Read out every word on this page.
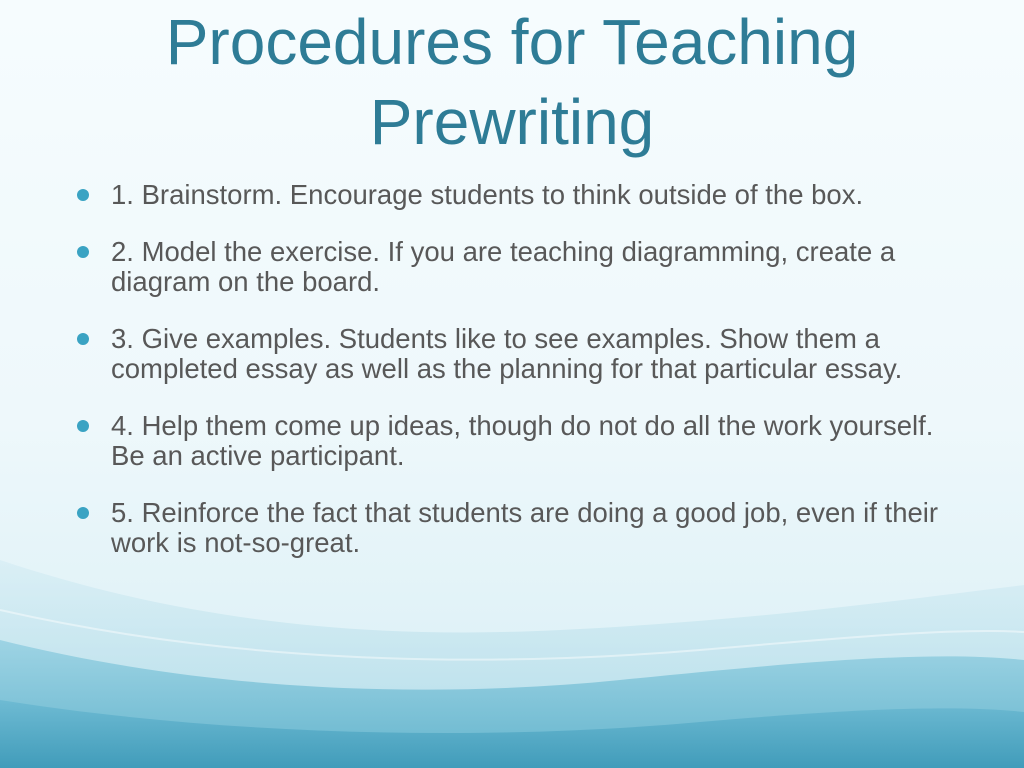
Procedures for Teaching Prewriting
1. Brainstorm. Encourage students to think outside of the box.
2. Model the exercise. If you are teaching diagramming, create a diagram on the board.
3. Give examples. Students like to see examples. Show them a completed essay as well as the planning for that particular essay.
4. Help them come up ideas, though do not do all the work yourself. Be an active participant.
5. Reinforce the fact that students are doing a good job, even if their work is not-so-great.
